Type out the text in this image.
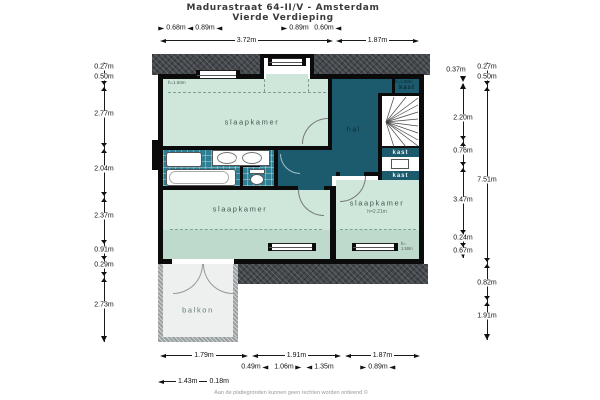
Madurastraat 64-II/V - Amsterdam
Vierde Verdieping
h=2.14m
h= 1.50m
kast
kast
slaapkamer
h=1.50m
slaapkamer
slaapkamer
h=2.21m
hal
kast
h=1.50m
balkon
0.68m 0.89m	0.89m 0.60m
3.72m	1.87m
0.27m
0.50m
2.77m
2.04m
2.37m
0.91m
0.29m
2.73m
0.37m
2.20m
0.76m
3.47m
0.24m
0.67m
0.27m
0.50m
7.51m
0.82m
1.91m
1.79m	1.91m	1.87m
0.49m 1.06m	1.35m	0.89m
1.43m 0.18m
Aan de plattegronden kunnen geen rechten worden ontleend ©
